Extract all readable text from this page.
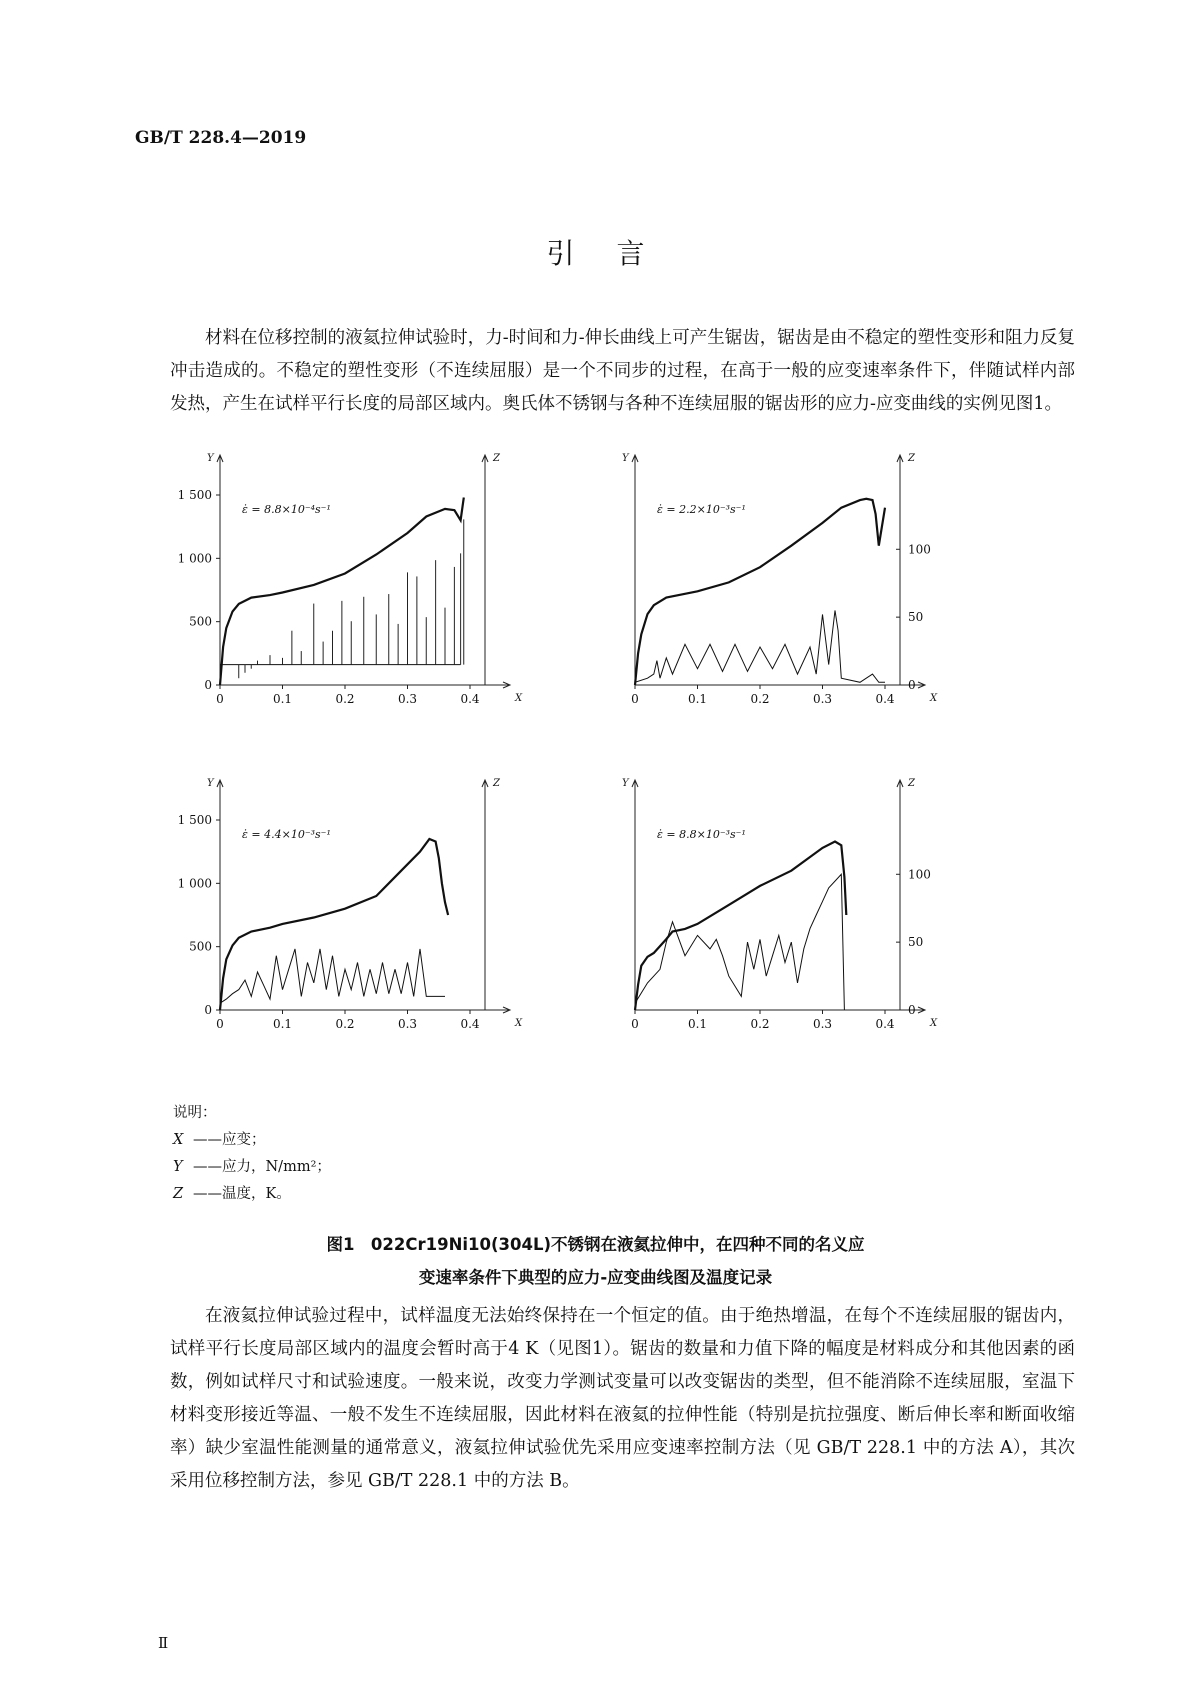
GB/T 228.4—2019
引言

材料在位移控制的液氦拉伸试验时，力-时间和力-伸长曲线上可产生锯齿，锯齿是由不稳定的塑性变形和阻力反复冲击造成的。不稳定的塑性变形（不连续屈服）是一个不同步的过程，在高于一般的应变速率条件下，伴随试样内部发热，产生在试样平行长度的局部区域内。奥氏体不锈钢与各种不连续屈服的锯齿形的应力-应变曲线的实例见图1。

Y	Z
X
0	0.1	0.2	0.3	0.4
0
500
1 000
1 500
ε̇ = 8.8×10⁻⁴s⁻¹
Y	Z
X
0	0.1	0.2	0.3	0.4
0
50
100
ε̇ = 2.2×10⁻³s⁻¹
Y	Z
X
0	0.1	0.2	0.3	0.4
0
500
1 000
1 500
ε̇ = 4.4×10⁻³s⁻¹
Y	Z
X
0	0.1	0.2	0.3	0.4
0
50
100
ε̇ = 8.8×10⁻³s⁻¹
说明：
X ——应变；
Y ——应力，N/mm²；
Z ——温度，K。
图1　022Cr19Ni10(304L)不锈钢在液氦拉伸中，在四种不同的名义应
变速率条件下典型的应力-应变曲线图及温度记录

在液氦拉伸试验过程中，试样温度无法始终保持在一个恒定的值。由于绝热增温，在每个不连续屈服的锯齿内，试样平行长度局部区域内的温度会暂时高于4 K（见图1）。锯齿的数量和力值下降的幅度是材料成分和其他因素的函数，例如试样尺寸和试验速度。一般来说，改变力学测试变量可以改变锯齿的类型，但不能消除不连续屈服，室温下材料变形接近等温、一般不发生不连续屈服，因此材料在液氦的拉伸性能（特别是抗拉强度、断后伸长率和断面收缩率）缺少室温性能测量的通常意义，液氦拉伸试验优先采用应变速率控制方法（见 GB/T 228.1 中的方法 A），其次采用位移控制方法，参见 GB/T 228.1 中的方法 B。

Ⅱ
